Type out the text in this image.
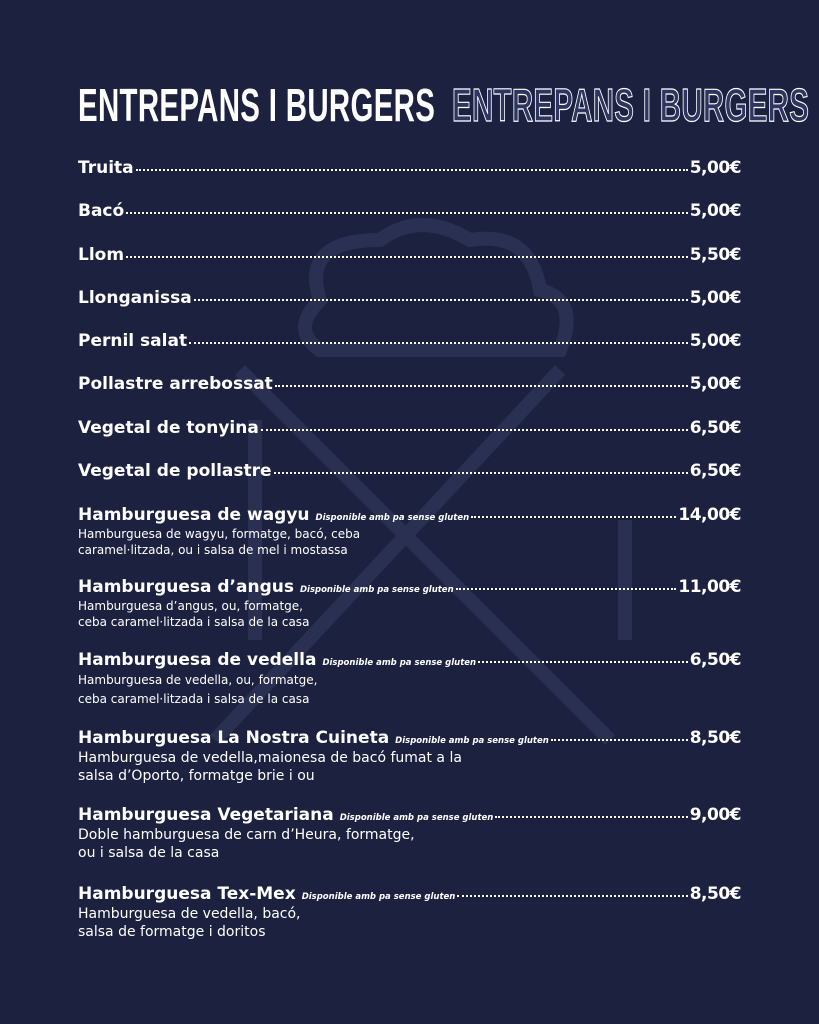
ENTREPANS I BURGERS ENTREPANS I BURGERS
Truita	5,00€
Bacó	5,00€
Llom	5,50€
Llonganissa	5,00€
Pernil salat	5,00€
Pollastre arrebossat	5,00€
Vegetal de tonyina	6,50€
Vegetal de pollastre	6,50€
Hamburguesa de wagyu Disponible amb pa sense gluten	14,00€
Hamburguesa de wagyu, formatge, bacó, ceba
caramel·litzada, ou i salsa de mel i mostassa
Hamburguesa d’angus Disponible amb pa sense gluten	11,00€
Hamburguesa d’angus, ou, formatge,
ceba caramel·litzada i salsa de la casa
Hamburguesa de vedella Disponible amb pa sense gluten	6,50€
Hamburguesa de vedella, ou, formatge,
ceba caramel·litzada i salsa de la casa
Hamburguesa La Nostra Cuineta Disponible amb pa sense gluten	8,50€
Hamburguesa de vedella,maionesa de bacó fumat a la
salsa d’Oporto, formatge brie i ou
Hamburguesa Vegetariana Disponible amb pa sense gluten	9,00€
Doble hamburguesa de carn d’Heura, formatge,
ou i salsa de la casa
Hamburguesa Tex-Mex Disponible amb pa sense gluten	8,50€
Hamburguesa de vedella, bacó,
salsa de formatge i doritos
